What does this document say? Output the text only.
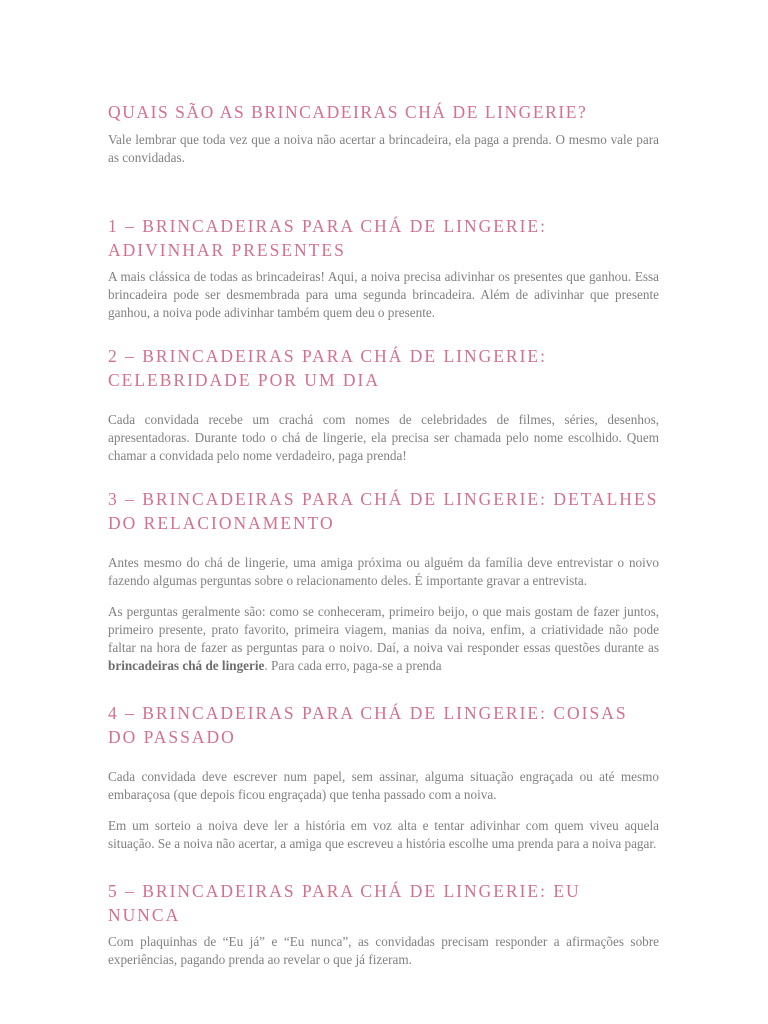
QUAIS SÃO AS BRINCADEIRAS CHÁ DE LINGERIE?

Vale lembrar que toda vez que a noiva não acertar a brincadeira, ela paga a prenda. O mesmo vale para as convidadas.

1 – BRINCADEIRAS PARA CHÁ DE LINGERIE: ADIVINHAR PRESENTES

A mais clássica de todas as brincadeiras! Aqui, a noiva precisa adivinhar os presentes que ganhou. Essa brincadeira pode ser desmembrada para uma segunda brincadeira. Além de adivinhar que presente ganhou, a noiva pode adivinhar também quem deu o presente.

2 – BRINCADEIRAS PARA CHÁ DE LINGERIE: CELEBRIDADE POR UM DIA

Cada convidada recebe um crachá com nomes de celebridades de filmes, séries, desenhos, apresentadoras. Durante todo o chá de lingerie, ela precisa ser chamada pelo nome escolhido. Quem chamar a convidada pelo nome verdadeiro, paga prenda!

3 – BRINCADEIRAS PARA CHÁ DE LINGERIE: DETALHES DO RELACIONAMENTO

Antes mesmo do chá de lingerie, uma amiga próxima ou alguém da família deve entrevistar o noivo fazendo algumas perguntas sobre o relacionamento deles. É importante gravar a entrevista.

As perguntas geralmente são: como se conheceram, primeiro beijo, o que mais gostam de fazer juntos, primeiro presente, prato favorito, primeira viagem, manias da noiva, enfim, a criatividade não pode faltar na hora de fazer as perguntas para o noivo. Daí, a noiva vai responder essas questões durante as brincadeiras chá de lingerie. Para cada erro, paga-se a prenda

4 – BRINCADEIRAS PARA CHÁ DE LINGERIE: COISAS DO PASSADO

Cada convidada deve escrever num papel, sem assinar, alguma situação engraçada ou até mesmo embaraçosa (que depois ficou engraçada) que tenha passado com a noiva.

Em um sorteio a noiva deve ler a história em voz alta e tentar adivinhar com quem viveu aquela situação. Se a noiva não acertar, a amiga que escreveu a história escolhe uma prenda para a noiva pagar.

5 – BRINCADEIRAS PARA CHÁ DE LINGERIE: EU NUNCA

Com plaquinhas de “Eu já” e “Eu nunca”, as convidadas precisam responder a afirmações sobre experiências, pagando prenda ao revelar o que já fizeram.
